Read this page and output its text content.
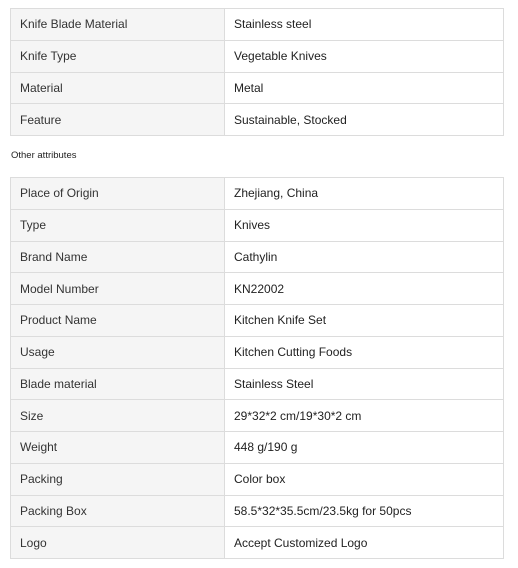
Knife Blade Material	Stainless steel
Knife Type	Vegetable Knives
Material	Metal
Feature	Sustainable, Stocked
Other attributes
Place of Origin	Zhejiang, China
Type	Knives
Brand Name	Cathylin
Model Number	KN22002
Product Name	Kitchen Knife Set
Usage	Kitchen Cutting Foods
Blade material	Stainless Steel
Size	29*32*2 cm/19*30*2 cm
Weight	448 g/190 g
Packing	Color box
Packing Box	58.5*32*35.5cm/23.5kg for 50pcs
Logo	Accept Customized Logo
